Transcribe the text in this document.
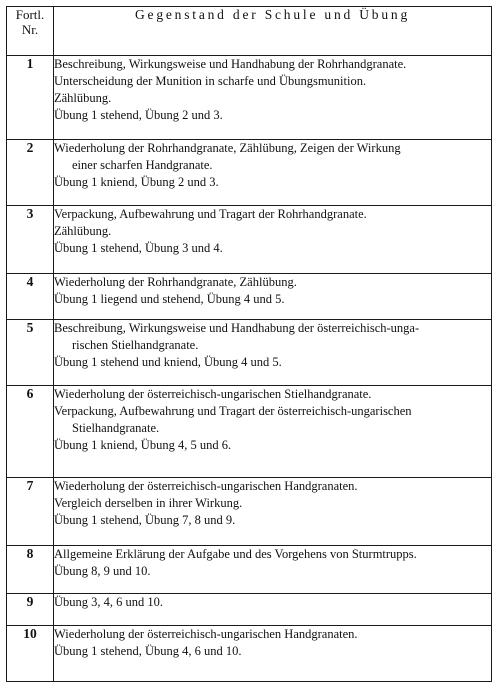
Fortl.
Nr.	Gegenstand der Schule und Übung
1	Beschreibung, Wirkungsweise und Handhabung der Rohrhandgranate.
Unterscheidung der Munition in scharfe und Übungsmunition.
Zählübung.
Übung 1 stehend, Übung 2 und 3.

2	Wiederholung der Rohrhandgranate, Zählübung, Zeigen der Wirkung
einer scharfen Handgranate.
Übung 1 kniend, Übung 2 und 3.

3	Verpackung, Aufbewahrung und Tragart der Rohrhandgranate.
Zählübung.
Übung 1 stehend, Übung 3 und 4.

4	Wiederholung der Rohrhandgranate, Zählübung.
Übung 1 liegend und stehend, Übung 4 und 5.

5	Beschreibung, Wirkungsweise und Handhabung der österreichisch-unga-
rischen Stielhandgranate.
Übung 1 stehend und kniend, Übung 4 und 5.

6	Wiederholung der österreichisch-ungarischen Stielhandgranate.
Verpackung, Aufbewahrung und Tragart der österreichisch-ungarischen
Stielhandgranate.
Übung 1 kniend, Übung 4, 5 und 6.

7	Wiederholung der österreichisch-ungarischen Handgranaten.
Vergleich derselben in ihrer Wirkung.
Übung 1 stehend, Übung 7, 8 und 9.

8	Allgemeine Erklärung der Aufgabe und des Vorgehens von Sturmtrupps.
Übung 8, 9 und 10.

9	Übung 3, 4, 6 und 10.

10	Wiederholung der österreichisch-ungarischen Handgranaten.
Übung 1 stehend, Übung 4, 6 und 10.
